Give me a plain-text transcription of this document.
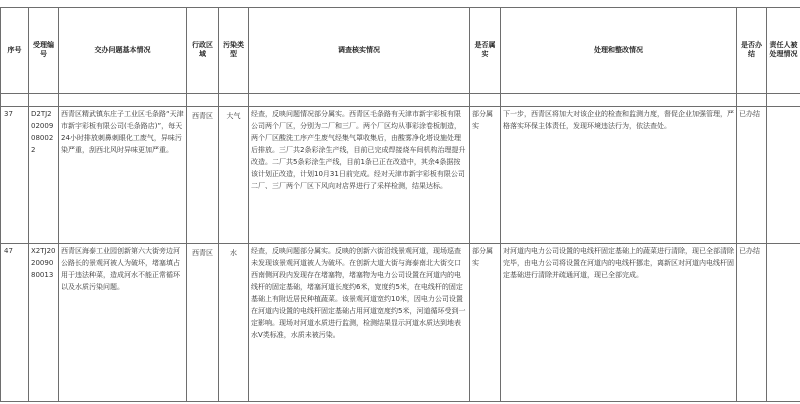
序号	受理编号	交办问题基本情况	行政区域	污染类型	调查核实情况	是否属实	处理和整改情况	是否办结	责任人被处理情况

37	D2TJ202009080022	西青区精武镇东庄子工业区毛条路“天津市新宇彩板有限公司(毛条路店)”，每天24小时排放刺鼻刺眼化工废气，异味污染严重，刮西北风时异味更加严重。	西青区	大气	经查，反映问题情况部分属实。西青区毛条路有天津市新宇彩板有限公司两个厂区，分别为二厂和三厂。两个厂区均从事彩涂卷板制造，两个厂区酸洗工序产生废气经集气罩收集后，由酸雾净化塔设施处理后排放。三厂共2条彩涂生产线，目前已完成焊接烧车间机构治理提升改造。二厂共5条彩涂生产线，目前1条已正在改造中，其余4条据按该计划正改造，计划10月31日前完成。经对天津市新宇彩板有限公司二厂、三厂两个厂区下风向对店界进行了采样检测，结果达标。	部分属实	下一步，西青区将加大对该企业的检查和监测力度，督促企业加强管理，严格落实环保主体责任，发现环境违法行为，依法查处。	已办结	
47	X2TJ202009080013	西青区海泰工业园创新第六大街旁边河公路长的景观河被人为破坏，堵塞填占用于违法种菜，造成河水不能正常循环以及水质污染问题。	西青区	水	经查，反映问题部分属实。反映的创新六街沿线景观河道，现场巡查未发现该景观河道被人为破坏。在创新大道大街与海泰南北大街交口西南侧河段内发现存在堵塞物，堵塞物为电力公司设置在河道内的电线杆的固定基础，堵塞河道长度约6米，宽度约5米，在电线杆的固定基础上有附近居民种植蔬菜。该景观河道宽约10米，因电力公司设置在河道内设置的电线杆固定基础占用河道宽度约5米，河道循环受到一定影响。现场对河道水质进行监测，检测结果显示河道水质达到地表水V类标准，水质未被污染。	部分属实	对河道内电力公司设置的电线杆固定基础上的蔬菜进行清除，现已全部清除完毕，由电力公司将设置在河道内的电线杆挪走，离新区对河道内电线杆固定基础进行清除并疏通河道，现已全部完成。	已办结	
